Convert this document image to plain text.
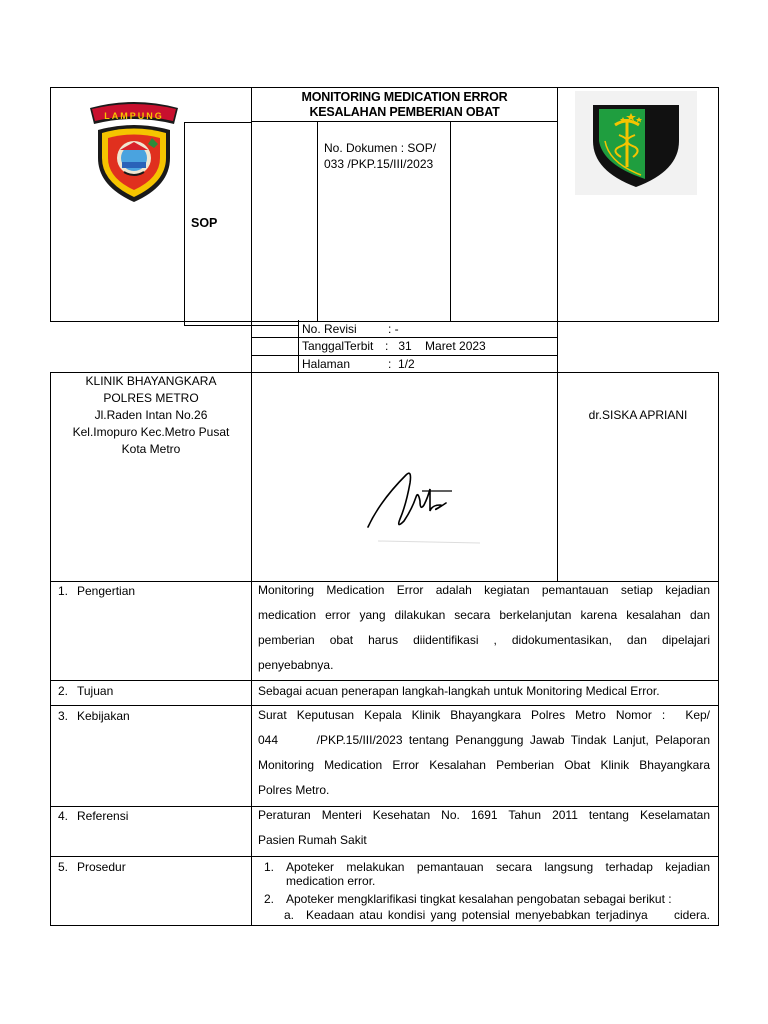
MONITORING MEDICATION ERROR
KESALAHAN PEMBERIAN OBAT
SOP
No. Dokumen : SOP/
033 /PKP.15/III/2023
LAMPUNG
No. Revisi	: -
TanggalTerbit :   31    Maret 2023
Halaman	:  1/2
KLINIK BHAYANGKARA
POLRES METRO
Jl.Raden Intan No.26
Kel.Imopuro Kec.Metro Pusat
Kota Metro
dr.SISKA APRIANI
1. Pengertian	Monitoring Medication Error adalah kegiatan pemantauan setiap kejadian
medication error yang dilakukan secara berkelanjutan karena kesalahan dan
pemberian obat harus diidentifikasi , didokumentasikan, dan dipelajari
penyebabnya.
2. Tujuan	Sebagai acuan penerapan langkah-langkah untuk Monitoring Medical Error.
3. Kebijakan	Surat Keputusan Kepala Klinik Bhayangkara Polres Metro Nomor :  Kep/
044      /PKP.15/III/2023 tentang Penanggung Jawab Tindak Lanjut, Pelaporan
Monitoring Medication Error Kesalahan Pemberian Obat Klinik Bhayangkara
Polres Metro.
4. Referensi	Peraturan Menteri Kesehatan No. 1691 Tahun 2011 tentang Keselamatan
Pasien Rumah Sakit
5. Prosedur	1. Apoteker melakukan pemantauan secara langsung terhadap kejadian
medication error.
2. Apoteker mengklarifikasi tingkat kesalahan pengobatan sebagai berikut :
a. Keadaan atau kondisi yang potensial menyebabkan terjadinya     cidera.
